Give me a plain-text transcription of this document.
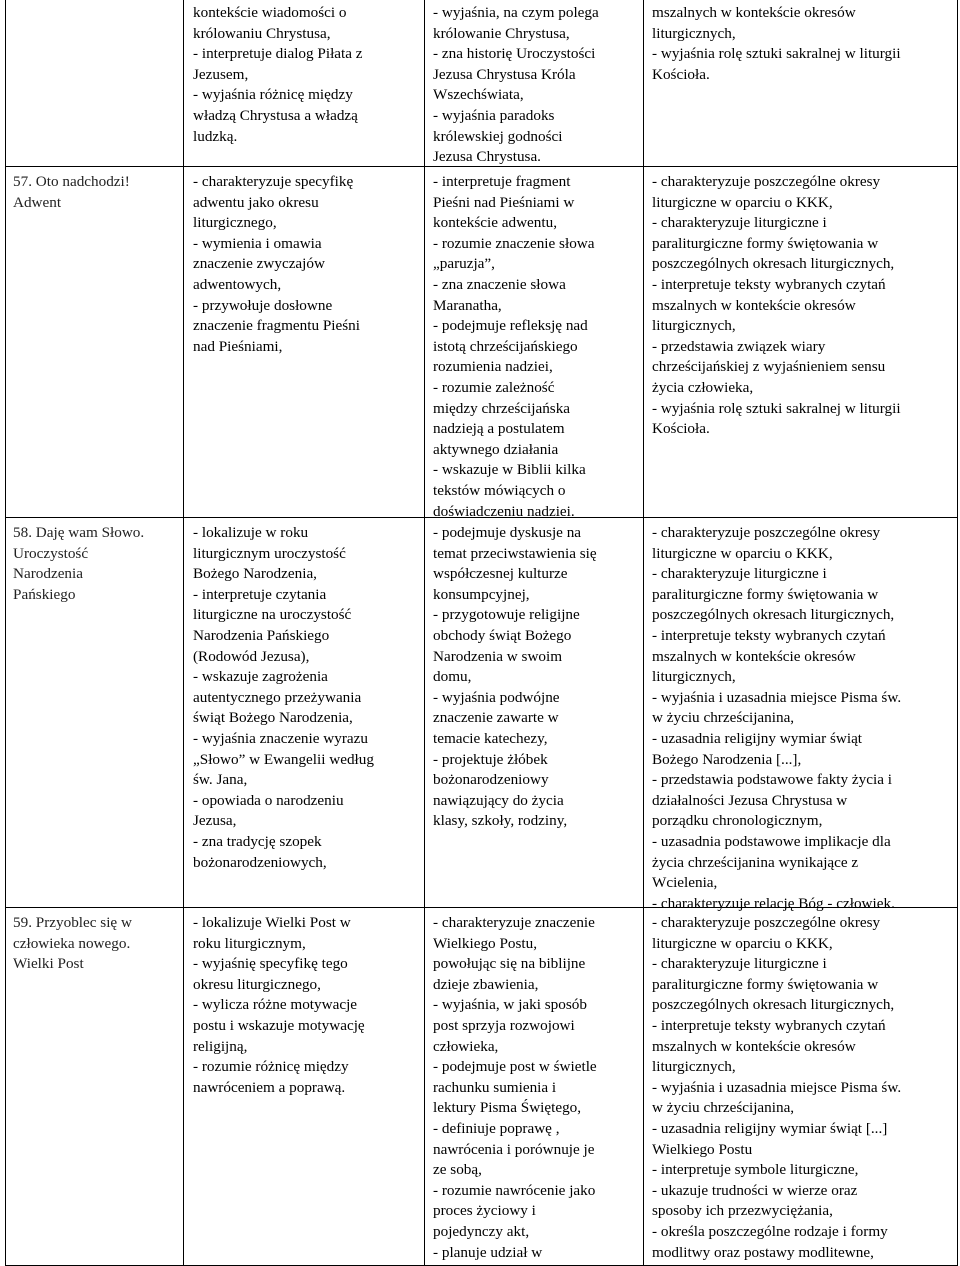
kontekście wiadomości o
królowaniu Chrystusa,
- interpretuje dialog Piłata z
Jezusem,
- wyjaśnia różnicę między
władzą Chrystusa a władzą
ludzką.
- wyjaśnia, na czym polega
królowanie Chrystusa,
- zna historię Uroczystości
Jezusa Chrystusa Króla
Wszechświata,
- wyjaśnia paradoks
królewskiej godności
Jezusa Chrystusa.
mszalnych w kontekście okresów
liturgicznych,
- wyjaśnia rolę sztuki sakralnej w liturgii
Kościoła.
57. Oto nadchodzi!
Adwent
- charakteryzuje specyfikę
adwentu jako okresu
liturgicznego,
- wymienia i omawia
znaczenie zwyczajów
adwentowych,
- przywołuje dosłowne
znaczenie fragmentu Pieśni
nad Pieśniami,
- interpretuje fragment
Pieśni nad Pieśniami w
kontekście adwentu,
- rozumie znaczenie słowa
„paruzja”,
- zna znaczenie słowa
Maranatha,
- podejmuje refleksję nad
istotą chrześcijańskiego
rozumienia nadziei,
- rozumie zależność
między chrześcijańska
nadzieją a postulatem
aktywnego działania
- wskazuje w Biblii kilka
tekstów mówiących o
doświadczeniu nadziei.
- charakteryzuje poszczególne okresy
liturgiczne w oparciu o KKK,
- charakteryzuje liturgiczne i
paraliturgiczne formy świętowania w
poszczególnych okresach liturgicznych,
- interpretuje teksty wybranych czytań
mszalnych w kontekście okresów
liturgicznych,
- przedstawia związek wiary
chrześcijańskiej z wyjaśnieniem sensu
życia człowieka,
- wyjaśnia rolę sztuki sakralnej w liturgii
Kościoła.
58. Daję wam Słowo.
Uroczystość
Narodzenia
Pańskiego
- lokalizuje w roku
liturgicznym uroczystość
Bożego Narodzenia,
- interpretuje czytania
liturgiczne na uroczystość
Narodzenia Pańskiego
(Rodowód Jezusa),
- wskazuje zagrożenia
autentycznego przeżywania
świąt Bożego Narodzenia,
- wyjaśnia znaczenie wyrazu
„Słowo” w Ewangelii według
św. Jana,
- opowiada o narodzeniu
Jezusa,
- zna tradycję szopek
bożonarodzeniowych,
- podejmuje dyskusje na
temat przeciwstawienia się
współczesnej kulturze
konsumpcyjnej,
- przygotowuje religijne
obchody świąt Bożego
Narodzenia w swoim
domu,
- wyjaśnia podwójne
znaczenie zawarte w
temacie katechezy,
- projektuje żłóbek
bożonarodzeniowy
nawiązujący do życia
klasy, szkoły, rodziny,
- charakteryzuje poszczególne okresy
liturgiczne w oparciu o KKK,
- charakteryzuje liturgiczne i
paraliturgiczne formy świętowania w
poszczególnych okresach liturgicznych,
- interpretuje teksty wybranych czytań
mszalnych w kontekście okresów
liturgicznych,
- wyjaśnia i uzasadnia miejsce Pisma św.
w życiu chrześcijanina,
- uzasadnia religijny wymiar świąt
Bożego Narodzenia [...],
- przedstawia podstawowe fakty życia i
działalności Jezusa Chrystusa w
porządku chronologicznym,
- uzasadnia podstawowe implikacje dla
życia chrześcijanina wynikające z
Wcielenia,
- charakteryzuje relację Bóg - człowiek.
59. Przyoblec się w
człowieka nowego.
Wielki Post
- lokalizuje Wielki Post w
roku liturgicznym,
- wyjaśnię specyfikę tego
okresu liturgicznego,
- wylicza różne motywacje
postu i wskazuje motywację
religijną,
- rozumie różnicę między
nawróceniem a poprawą.
- charakteryzuje znaczenie
Wielkiego Postu,
powołując się na biblijne
dzieje zbawienia,
- wyjaśnia, w jaki sposób
post sprzyja rozwojowi
człowieka,
- podejmuje post w świetle
rachunku sumienia i
lektury Pisma Świętego,
- definiuje poprawę ,
nawrócenia i porównuje je
ze sobą,
- rozumie nawrócenie jako
proces życiowy i
pojedynczy akt,
- planuje udział w
- charakteryzuje poszczególne okresy
liturgiczne w oparciu o KKK,
- charakteryzuje liturgiczne i
paraliturgiczne formy świętowania w
poszczególnych okresach liturgicznych,
- interpretuje teksty wybranych czytań
mszalnych w kontekście okresów
liturgicznych,
- wyjaśnia i uzasadnia miejsce Pisma św.
w życiu chrześcijanina,
- uzasadnia religijny wymiar świąt [...]
Wielkiego Postu
- interpretuje symbole liturgiczne,
- ukazuje trudności w wierze oraz
sposoby ich przezwyciężania,
- określa poszczególne rodzaje i formy
modlitwy oraz postawy modlitewne,
